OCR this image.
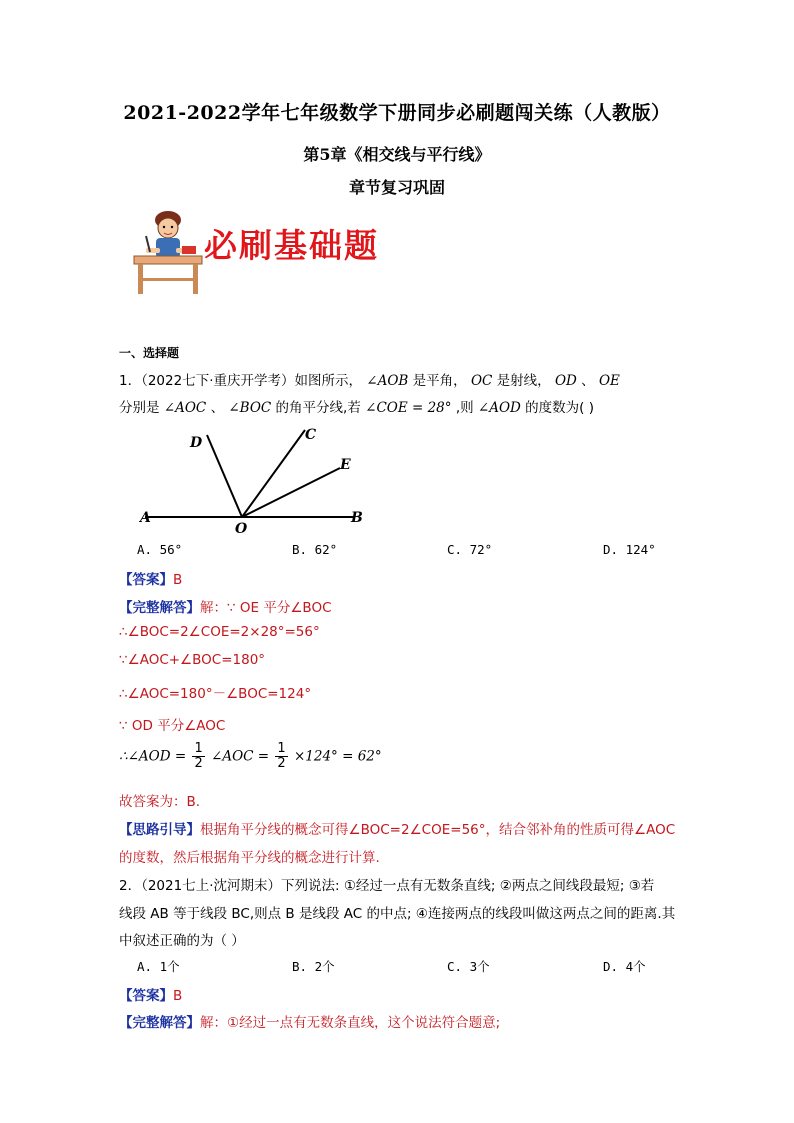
2021-2022学年七年级数学下册同步必刷题闯关练（人教版）
第5章《相交线与平行线》
章节复习巩固
必刷基础题
一、选择题
1．（2022七下·重庆开学考）如图所示， ∠AOB 是平角， OC 是射线， OD 、 OE
分别是 ∠AOC 、 ∠BOC 的角平分线,若 ∠COE = 28° ,则 ∠AOD 的度数为( )
A	B
C
D
E
O
A. 56°	B. 62°	C. 72°	D. 124°
【答案】B
【完整解答】解：∵ OE 平分∠BOC
∴∠BOC=2∠COE=2×28°=56°
∵∠AOC+∠BOC=180°
∴∠AOC=180°－∠BOC=124°
∵ OD 平分∠AOC
∴∠AOD = $\frac{1}{2}$ ∠AOC = $\frac{1}{2} \times 124^\circ = 62^\circ$
故答案为：B.
【思路引导】根据角平分线的概念可得∠BOC=2∠COE=56°，结合邻补角的性质可得∠AOC
的度数，然后根据角平分线的概念进行计算.
2．（2021七上·沈河期末）下列说法: ①经过一点有无数条直线; ②两点之间线段最短; ③若
线段 AB 等于线段 BC,则点 B 是线段 AC 的中点; ④连接两点的线段叫做这两点之间的距离.其
中叙述正确的为（ ）
A. 1个	B. 2个	C. 3个	D. 4个
【答案】B
【完整解答】解：①经过一点有无数条直线，这个说法符合题意;
